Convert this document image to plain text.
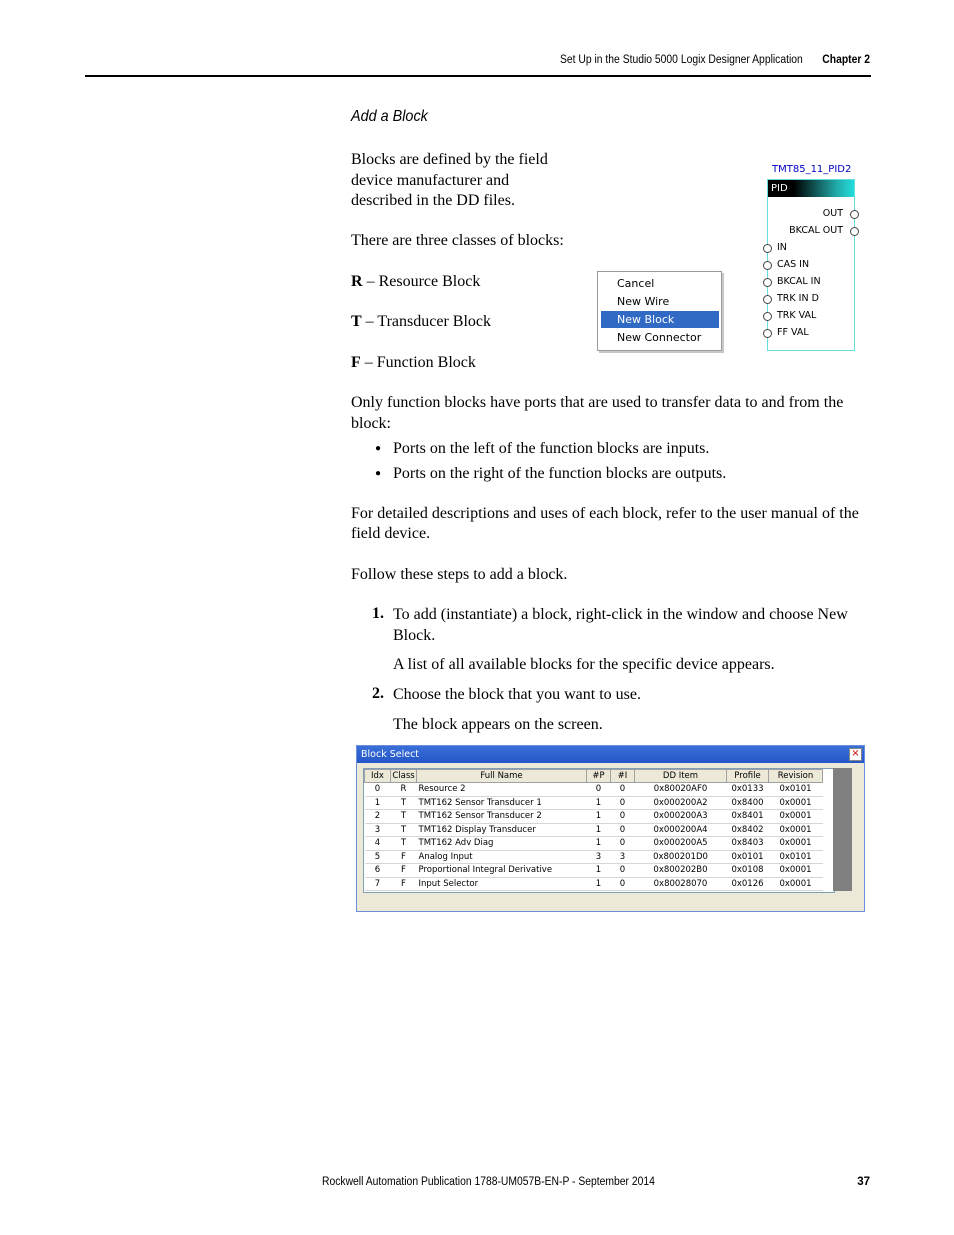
Set Up in the Studio 5000 Logix Designer Application Chapter 2
Add a Block
Blocks are defined by the field
device manufacturer and
described in the DD files.
There are three classes of blocks:
R – Resource Block
T – Transducer Block
F – Function Block
Cancel
New Wire
New Block
New Connector
TMT85_11_PID2
PID
OUT
BKCAL OUT
IN
CAS IN
BKCAL IN
TRK IN D
TRK VAL
FF VAL
Only function blocks have ports that are used to transfer data to and from the
block:
● Ports on the left of the function blocks are inputs.
● Ports on the right of the function blocks are outputs.
For detailed descriptions and uses of each block, refer to the user manual of the
field device.
Follow these steps to add a block.
1. To add (instantiate) a block, right-click in the window and choose New
Block.
A list of all available blocks for the specific device appears.
2. Choose the block that you want to use.
The block appears on the screen.
Block Select	×
Idx	Class	Full Name	#P	#I	DD Item	Profile	Revision
0	R	Resource 2	0	0	0x80020AF0	0x0133	0x0101
1	T	TMT162 Sensor Transducer 1	1	0	0x000200A2	0x8400	0x0001
2	T	TMT162 Sensor Transducer 2	1	0	0x000200A3	0x8401	0x0001
3	T	TMT162 Display Transducer	1	0	0x000200A4	0x8402	0x0001
4	T	TMT162 Adv Diag	1	0	0x000200A5	0x8403	0x0001
5	F	Analog Input	3	3	0x800201D0	0x0101	0x0101
6	F	Proportional Integral Derivative	1	0	0x800202B0	0x0108	0x0001
7	F	Input Selector	1	0	0x80028070	0x0126	0x0001
Rockwell Automation Publication 1788-UM057B-EN-P - September 2014	37
